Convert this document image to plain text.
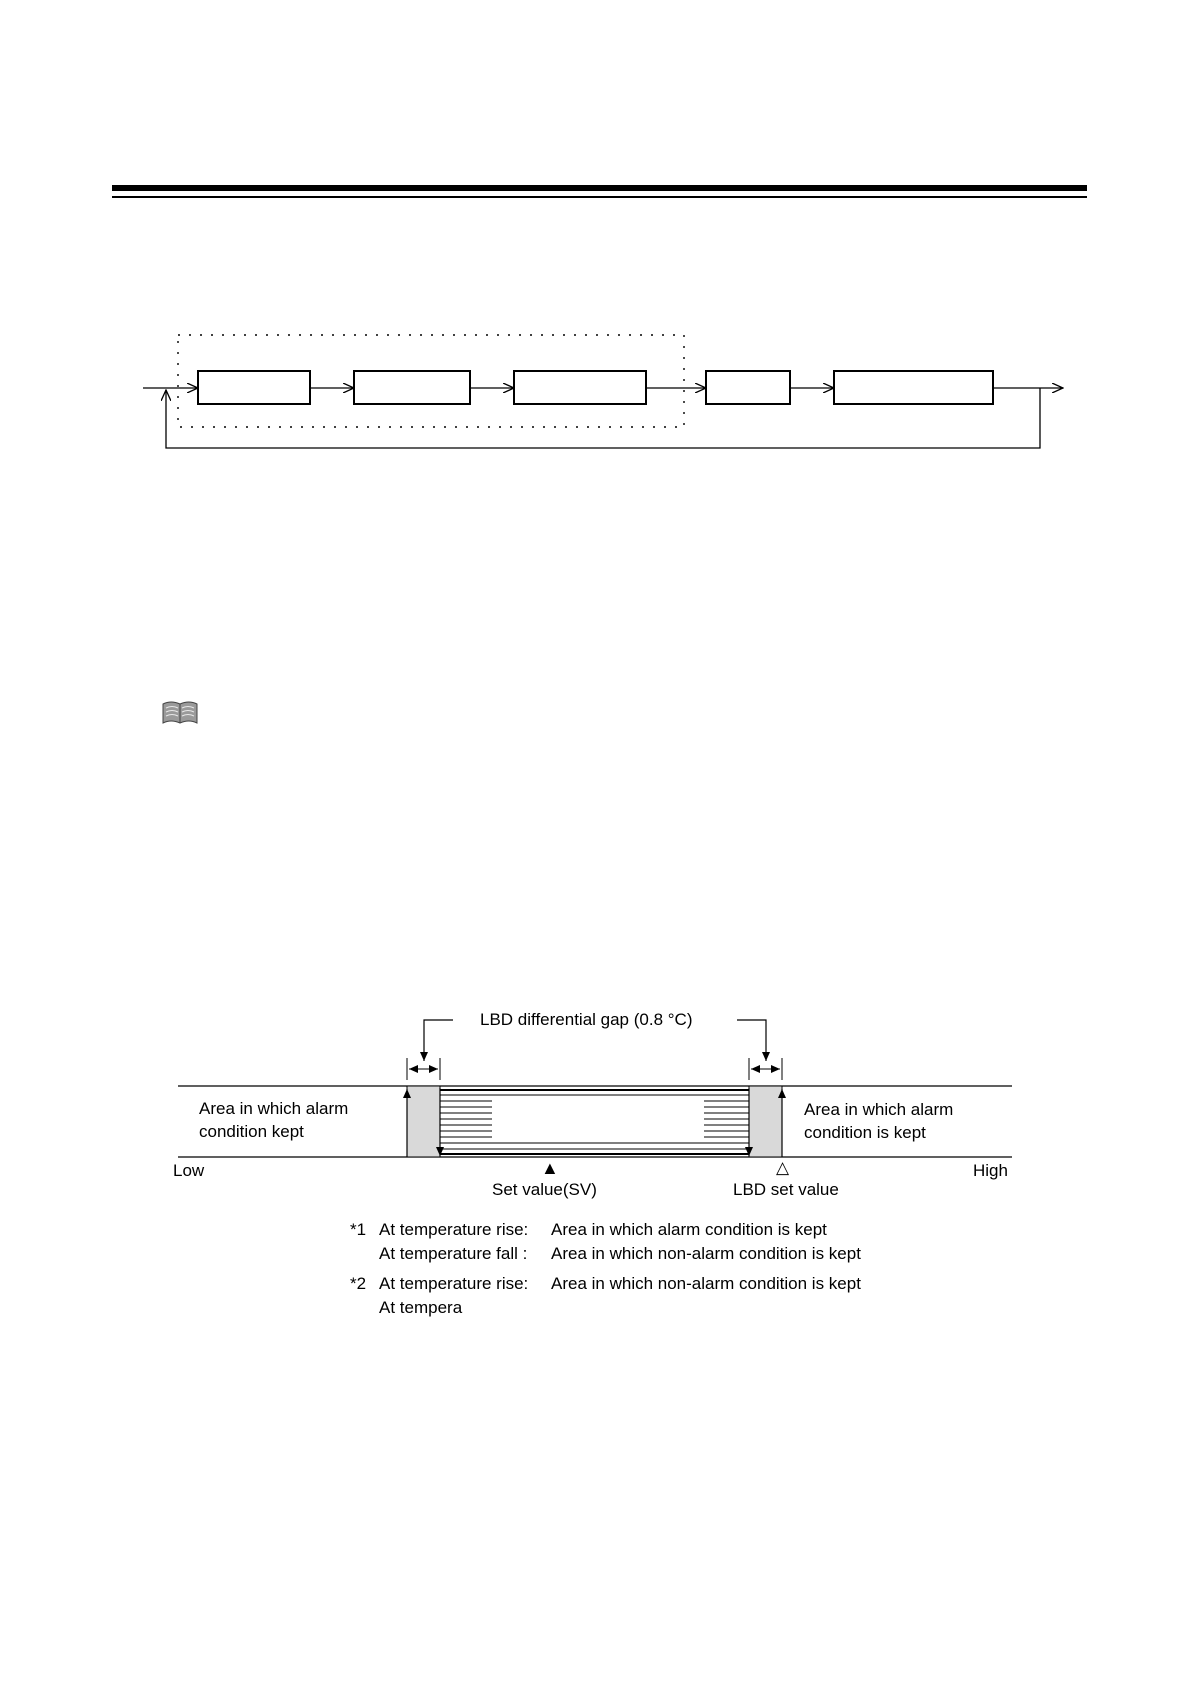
LBD differential gap (0.8 °C)
Area in which alarm
condition kept
Area in which alarm
condition is kept
Low	High
▲	△
Set value(SV)	LBD set value
*1 At temperature rise: Area in which alarm condition is kept
At temperature fall : Area in which non-alarm condition is kept
*2 At temperature rise: Area in which non-alarm condition is kept
At tempera
